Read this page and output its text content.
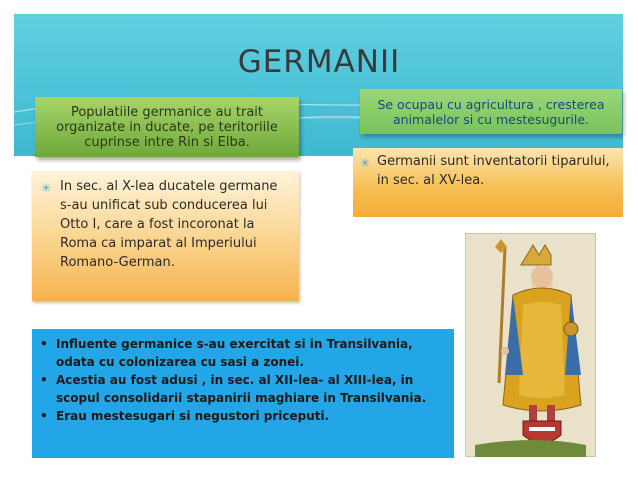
GERMANII
Populatiile germanice au trait organizate in ducate, pe teritoriile cuprinse intre Rin si Elba.
Se ocupau cu agricultura , cresterea animalelor si cu mestesugurile.
✳ In sec. al X-lea ducatele germane s-au unificat sub conducerea lui Otto I, care a fost incoronat la Roma ca imparat al Imperiului Romano-German.
✳ Germanii sunt inventatorii tiparului, in sec. al XV-lea.
• Influente germanice s-au exercitat si in Transilvania, odata cu colonizarea cu sasi a zonei.
• Acestia au fost adusi , in sec. al XII-lea- al XIII-lea, in scopul consolidarii stapanirii maghiare in Transilvania.
• Erau mestesugari si negustori priceputi.
